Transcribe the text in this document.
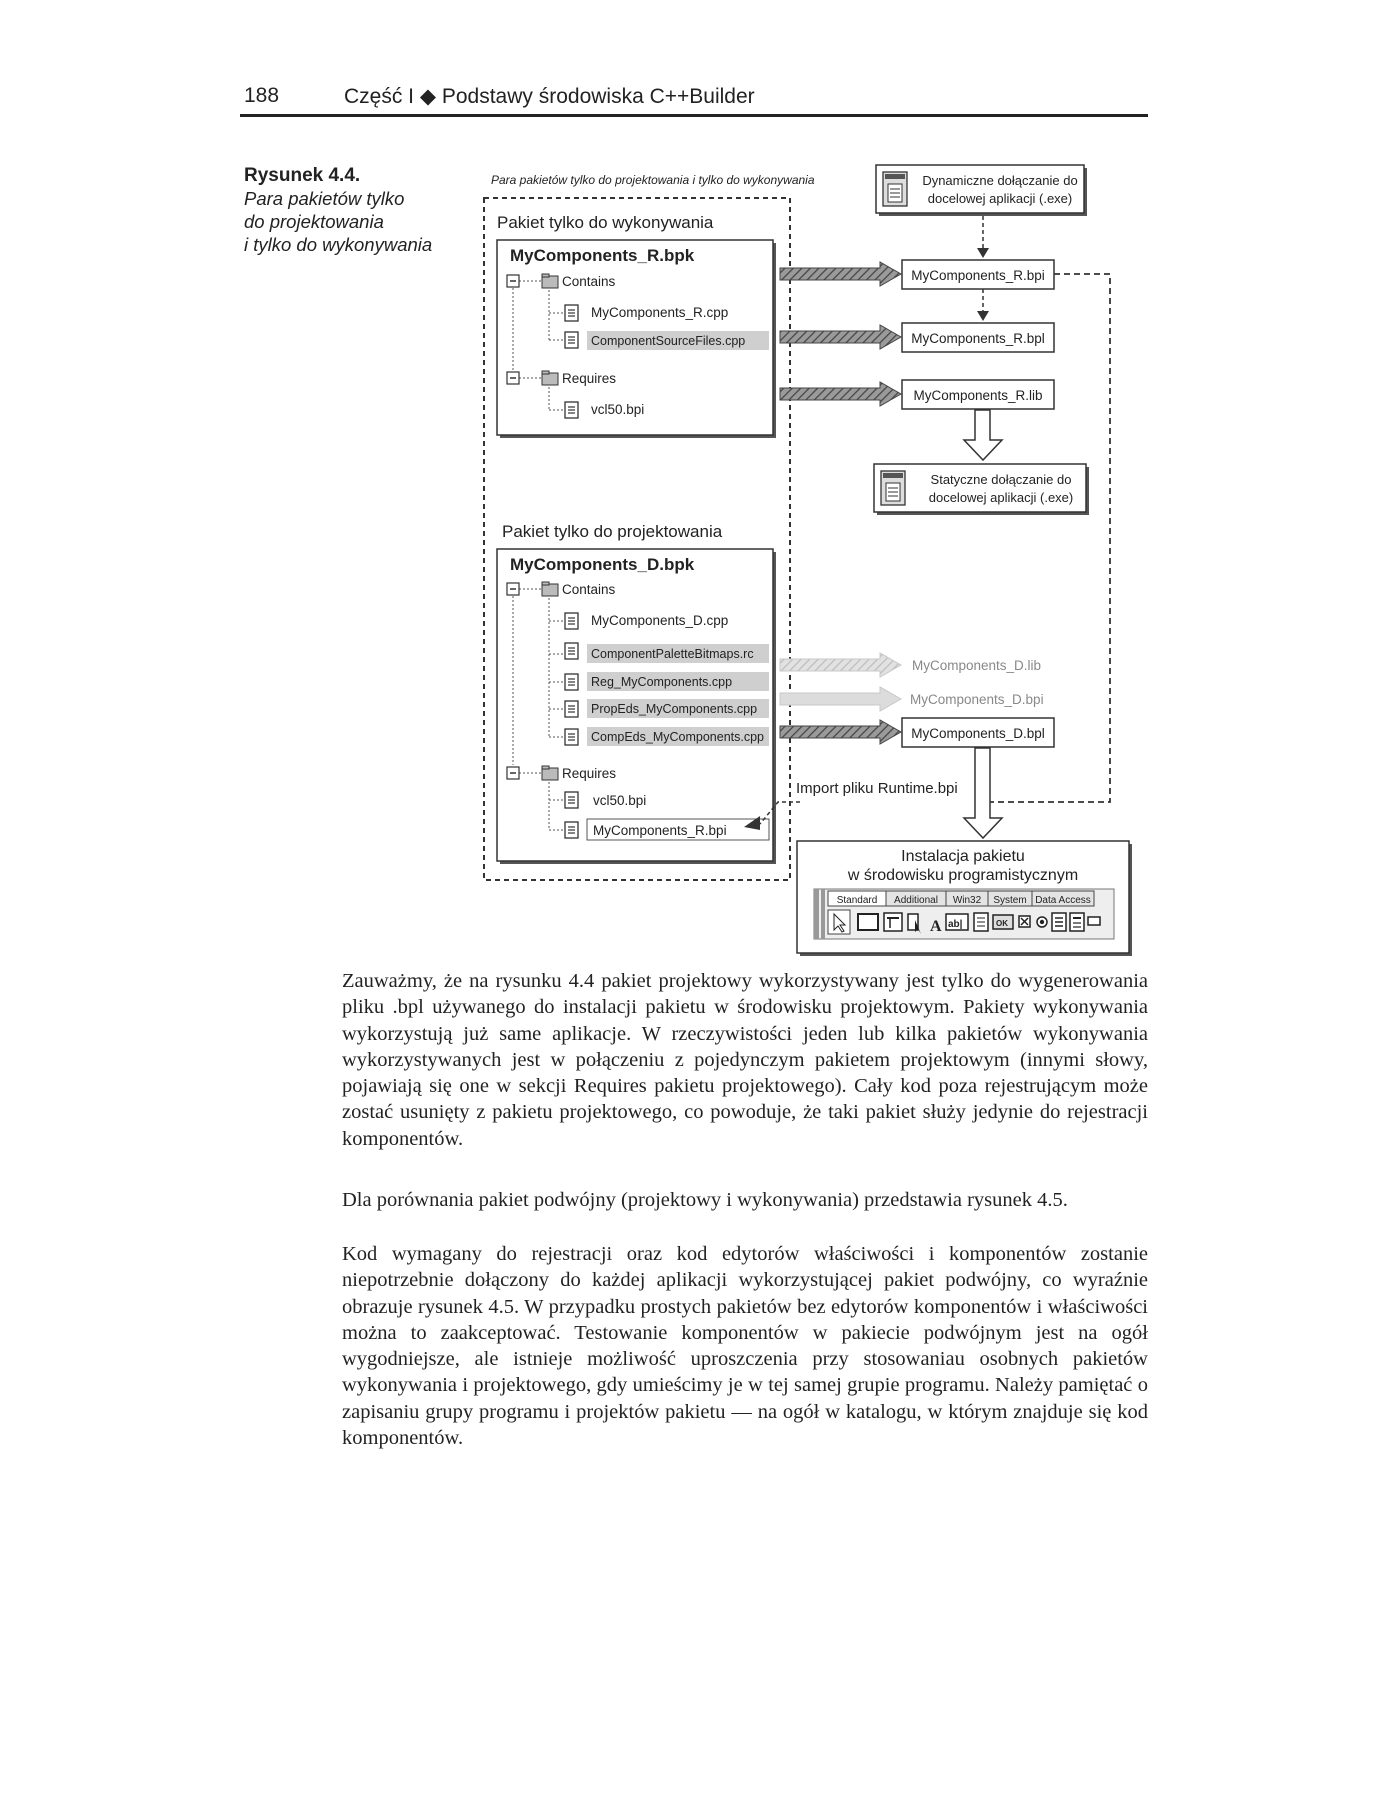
188	Część I ◆ Podstawy środowiska C++Builder
Rysunek 4.4.
Para pakietów tylko
do projektowania
i tylko do wykonywania
Para pakietów tylko do projektowania i tylko do wykonywania
Pakiet tylko do wykonywania
MyComponents_R.bpk
Contains
MyComponents_R.cpp
ComponentSourceFiles.cpp
Requires
vcl50.bpi
Pakiet tylko do projektowania
MyComponents_D.bpk
Contains
MyComponents_D.cpp
ComponentPaletteBitmaps.rc
Reg_MyComponents.cpp
PropEds_MyComponents.cpp
CompEds_MyComponents.cpp
Requires
vcl50.bpi
MyComponents_R.bpi
Dynamiczne dołączanie do
docelowej aplikacji (.exe)
MyComponents_R.bpi
MyComponents_R.bpl
MyComponents_R.lib
Statyczne dołączanie do
docelowej aplikacji (.exe)
MyComponents_D.lib
MyComponents_D.bpi
MyComponents_D.bpl
Import pliku Runtime.bpi
Instalacja pakietu
w środowisku programistycznym
Standard Additional Win32 System Data Access
A ab|	OK

Zauważmy, że na rysunku 4.4 pakiet projektowy wykorzystywany jest tylko do wygenerowania pliku .bpl używanego do instalacji pakietu w środowisku projektowym. Pakiety wykonywania wykorzystują już same aplikacje. W rzeczywistości jeden lub kilka pakietów wykonywania wykorzystywanych jest w połączeniu z pojedynczym pakietem projektowym (innymi słowy, pojawiają się one w sekcji Requires pakietu projektowego). Cały kod poza rejestrującym może zostać usunięty z pakietu projektowego, co powoduje, że taki pakiet służy jedynie do rejestracji komponentów.

Dla porównania pakiet podwójny (projektowy i wykonywania) przedstawia rysunek 4.5.

Kod wymagany do rejestracji oraz kod edytorów właściwości i komponentów zostanie niepotrzebnie dołączony do każdej aplikacji wykorzystującej pakiet podwójny, co wyraźnie obrazuje rysunek 4.5. W przypadku prostych pakietów bez edytorów komponentów i właściwości można to zaakceptować. Testowanie komponentów w pakiecie podwójnym jest na ogół wygodniejsze, ale istnieje możliwość uproszczenia przy stosowaniau osobnych pakietów wykonywania i projektowego, gdy umieścimy je w tej samej grupie programu. Należy pamiętać o zapisaniu grupy programu i projektów pakietu — na ogół w katalogu, w którym znajduje się kod komponentów.
